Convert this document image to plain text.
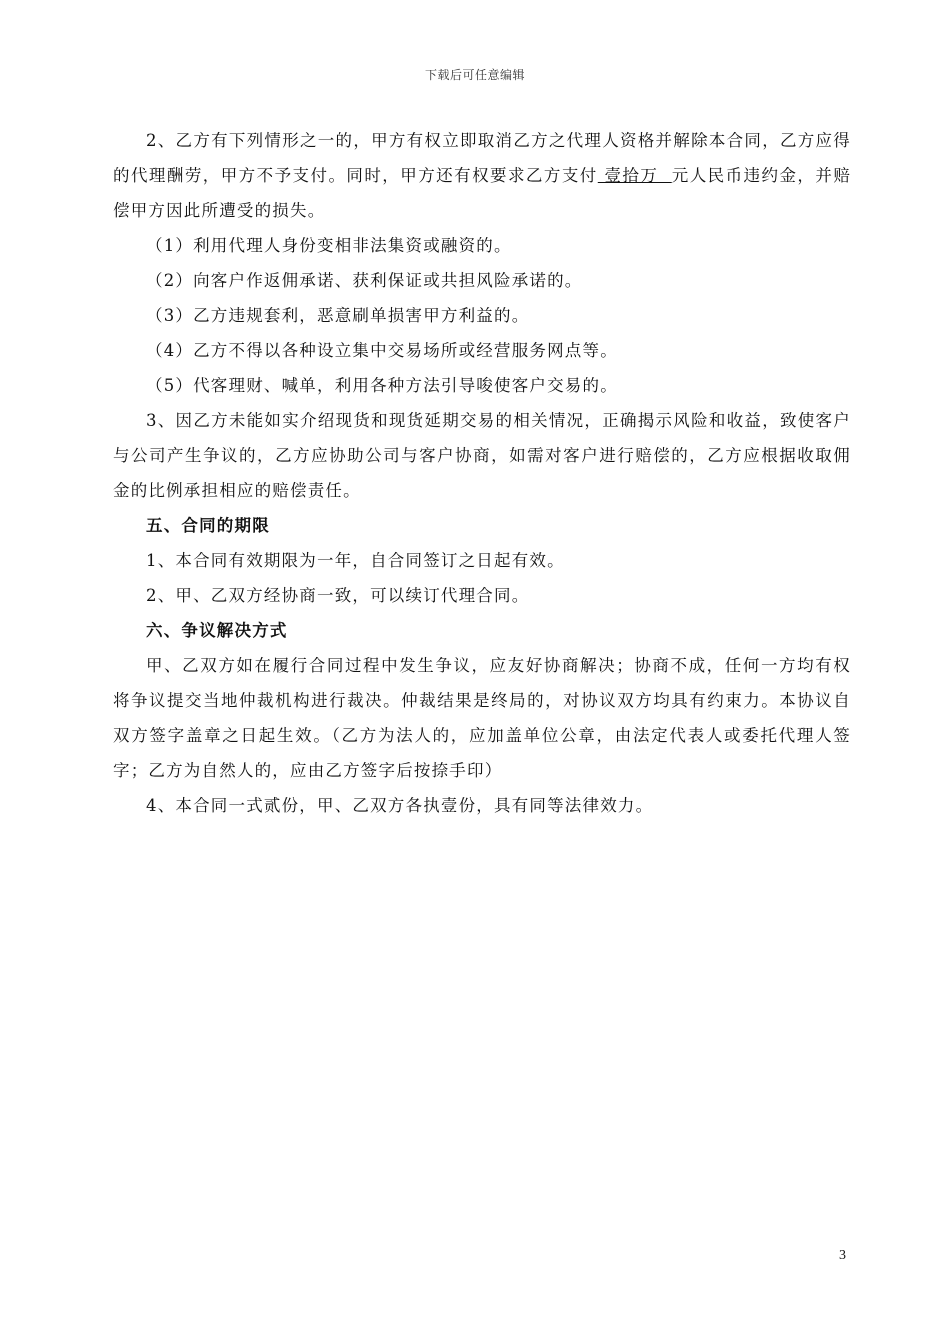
下载后可任意编辑

2、乙方有下列情形之一的，甲方有权立即取消乙方之代理人资格并解除本合同，乙方应得的代理酬劳，甲方不予支付。同时，甲方还有权要求乙方支付 壹拾万  元人民币违约金，并赔偿甲方因此所遭受的损失。

（1）利用代理人身份变相非法集资或融资的。

（2）向客户作返佣承诺、获利保证或共担风险承诺的。

（3）乙方违规套利，恶意刷单损害甲方利益的。

（4）乙方不得以各种设立集中交易场所或经营服务网点等。

（5）代客理财、喊单，利用各种方法引导唆使客户交易的。

3、因乙方未能如实介绍现货和现货延期交易的相关情况，正确揭示风险和收益，致使客户与公司产生争议的，乙方应协助公司与客户协商，如需对客户进行赔偿的，乙方应根据收取佣金的比例承担相应的赔偿责任。

五、合同的期限

1、本合同有效期限为一年，自合同签订之日起有效。

2、甲、乙双方经协商一致，可以续订代理合同。

六、争议解决方式

甲、乙双方如在履行合同过程中发生争议，应友好协商解决；协商不成，任何一方均有权将争议提交当地仲裁机构进行裁决。仲裁结果是终局的，对协议双方均具有约束力。本协议自双方签字盖章之日起生效。（乙方为法人的，应加盖单位公章，由法定代表人或委托代理人签字；乙方为自然人的，应由乙方签字后按捺手印）

4、本合同一式贰份，甲、乙双方各执壹份，具有同等法律效力。

3
